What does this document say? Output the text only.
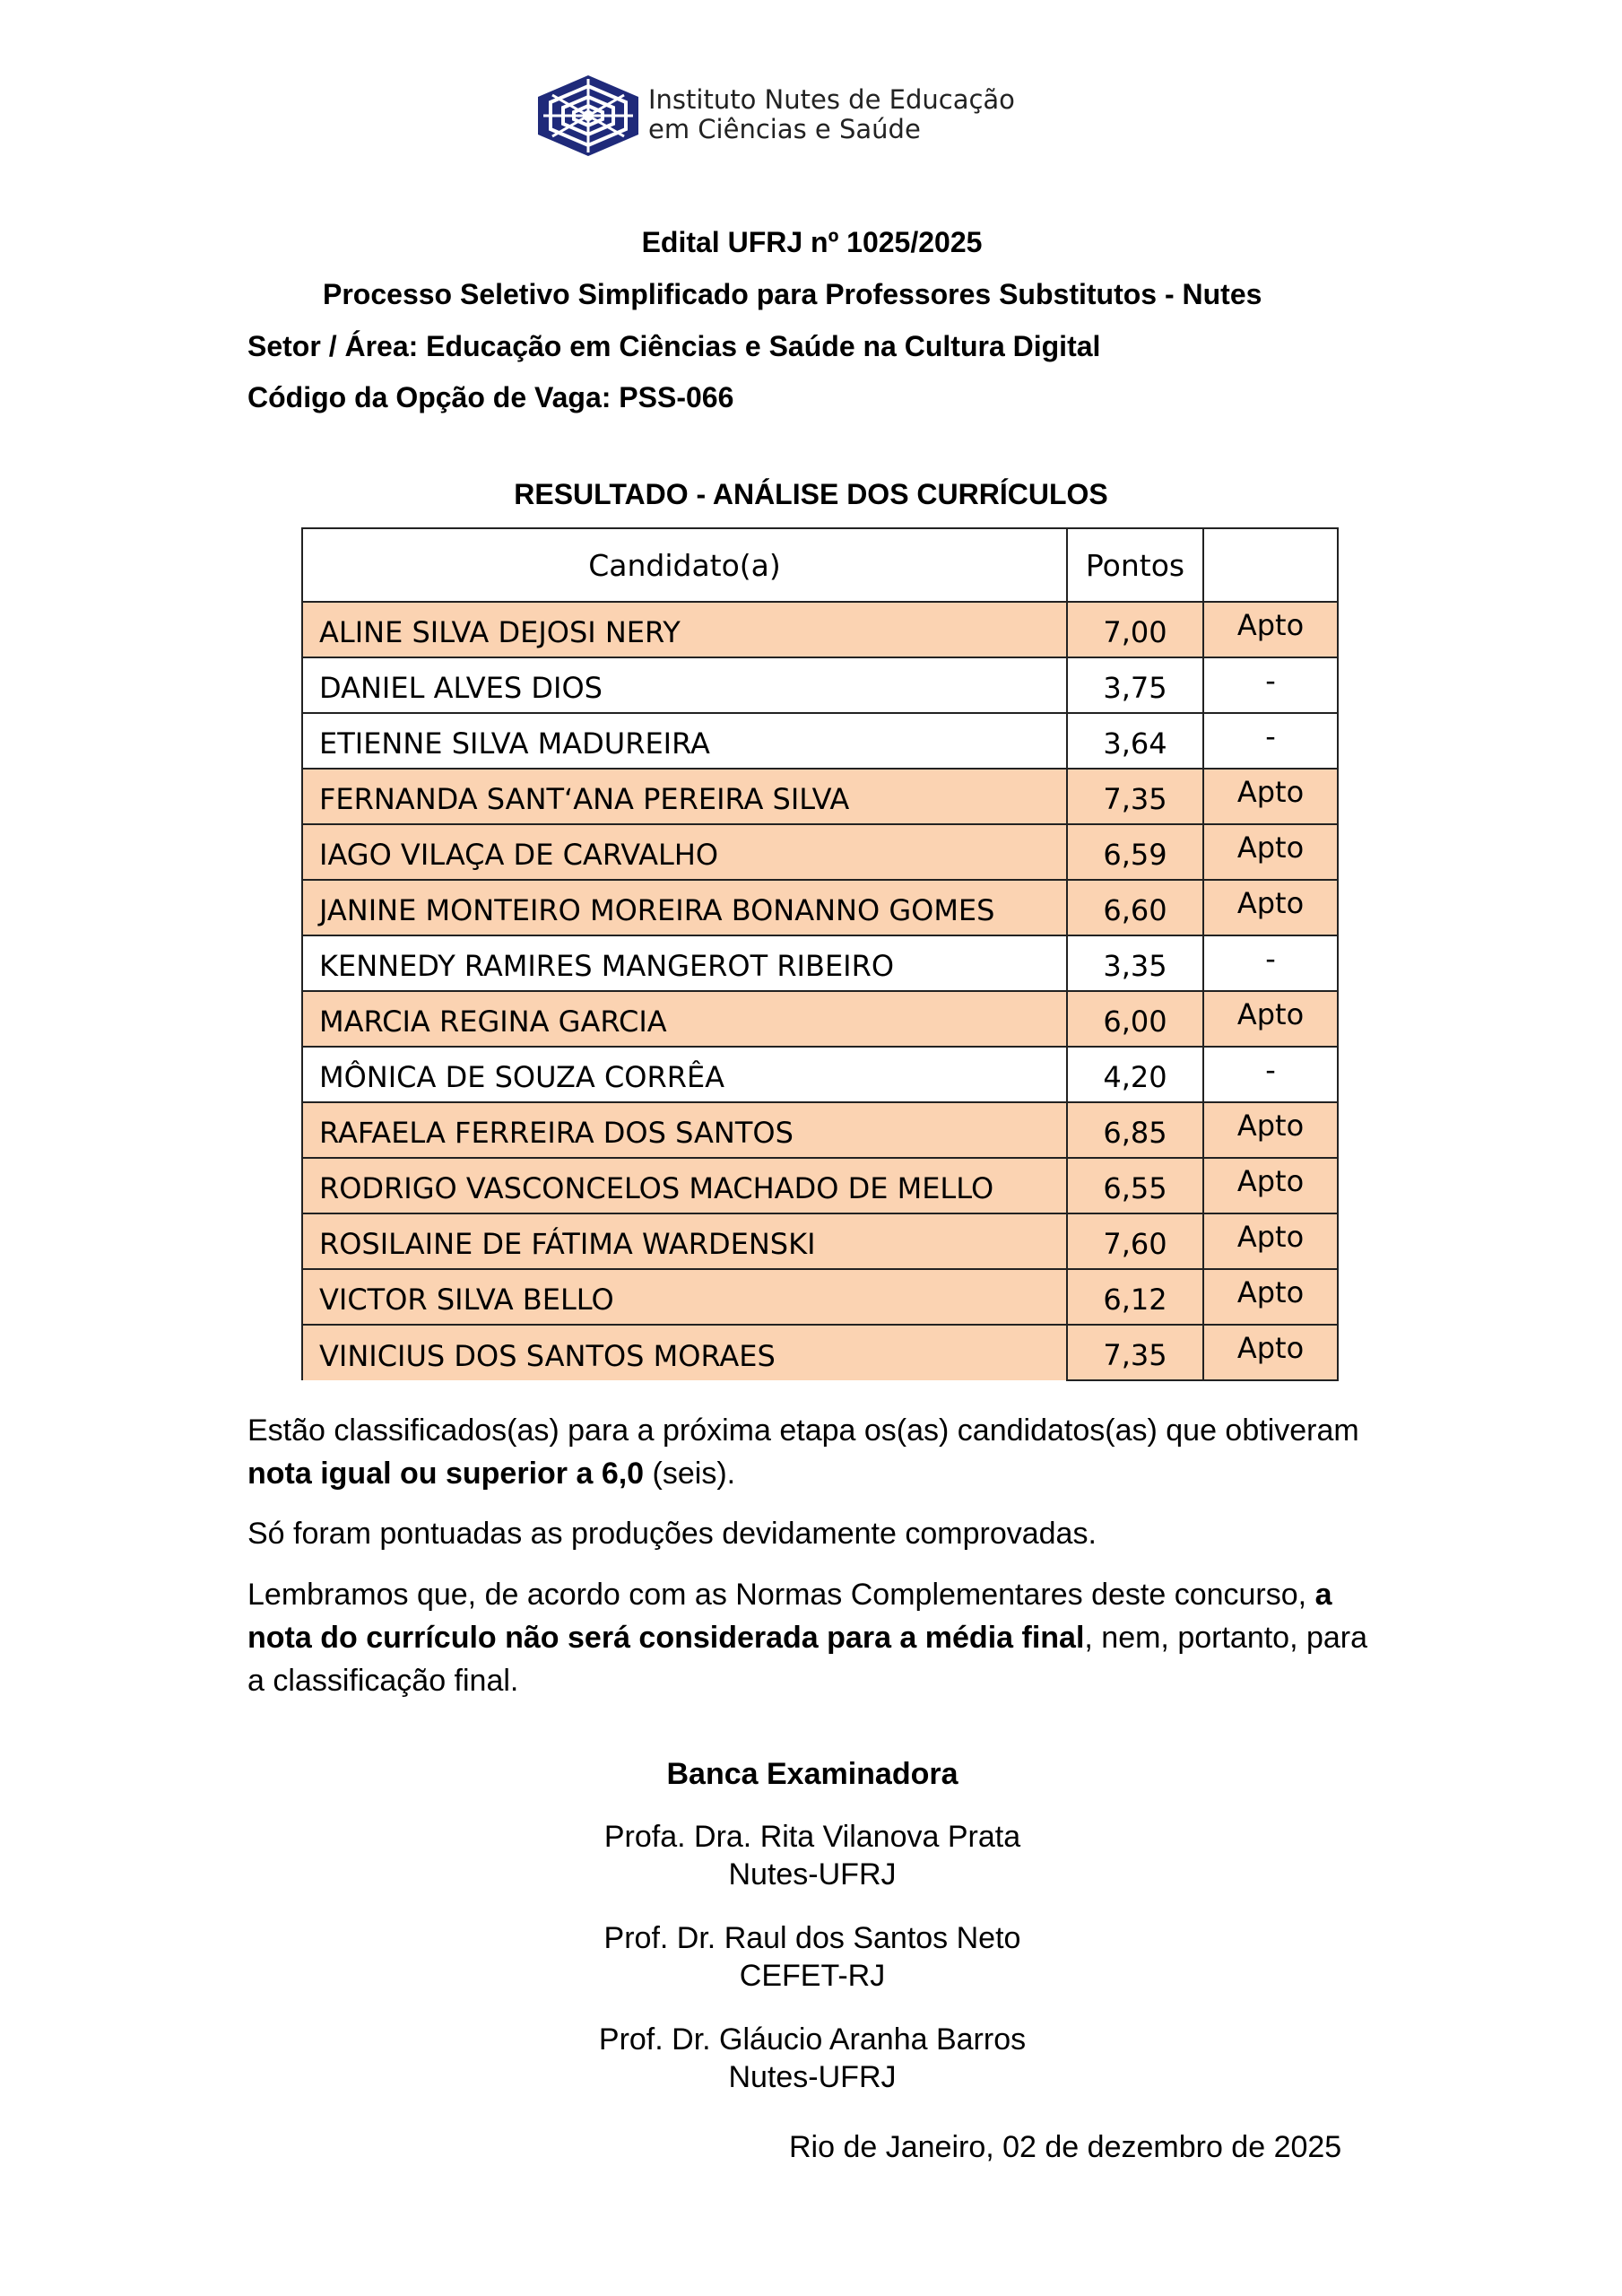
Instituto Nutes de Educação
em Ciências e Saúde
Edital UFRJ nº 1025/2025
Processo Seletivo Simplificado para Professores Substitutos - Nutes
Setor / Área: Educação em Ciências e Saúde na Cultura Digital
Código da Opção de Vaga: PSS-066
RESULTADO - ANÁLISE DOS CURRÍCULOS
Candidato(a)	Pontos	

ALINE SILVA DEJOSI NERY	7,00	Apto

DANIEL ALVES DIOS	3,75	-

ETIENNE SILVA MADUREIRA	3,64	-

FERNANDA SANT‘ANA PEREIRA SILVA	7,35	Apto

IAGO VILAÇA DE CARVALHO	6,59	Apto

JANINE MONTEIRO MOREIRA BONANNO GOMES	6,60	Apto

KENNEDY RAMIRES MANGEROT RIBEIRO	3,35	-

MARCIA REGINA GARCIA	6,00	Apto

MÔNICA DE SOUZA CORRÊA	4,20	-

RAFAELA FERREIRA DOS SANTOS	6,85	Apto

RODRIGO VASCONCELOS MACHADO DE MELLO	6,55	Apto

ROSILAINE DE FÁTIMA WARDENSKI	7,60	Apto

VICTOR SILVA BELLO	6,12	Apto

VINICIUS DOS SANTOS MORAES	7,35	Apto
Estão classificados(as) para a próxima etapa os(as) candidatos(as) que obtiveram nota igual ou superior a 6,0 (seis).
Só foram pontuadas as produções devidamente comprovadas.
Lembramos que, de acordo com as Normas Complementares deste concurso, a nota do currículo não será considerada para a média final, nem, portanto, para a classificação final.
Banca Examinadora
Profa. Dra. Rita Vilanova Prata
Nutes-UFRJ
Prof. Dr. Raul dos Santos Neto
CEFET-RJ
Prof. Dr. Gláucio Aranha Barros
Nutes-UFRJ
Rio de Janeiro, 02 de dezembro de 2025
